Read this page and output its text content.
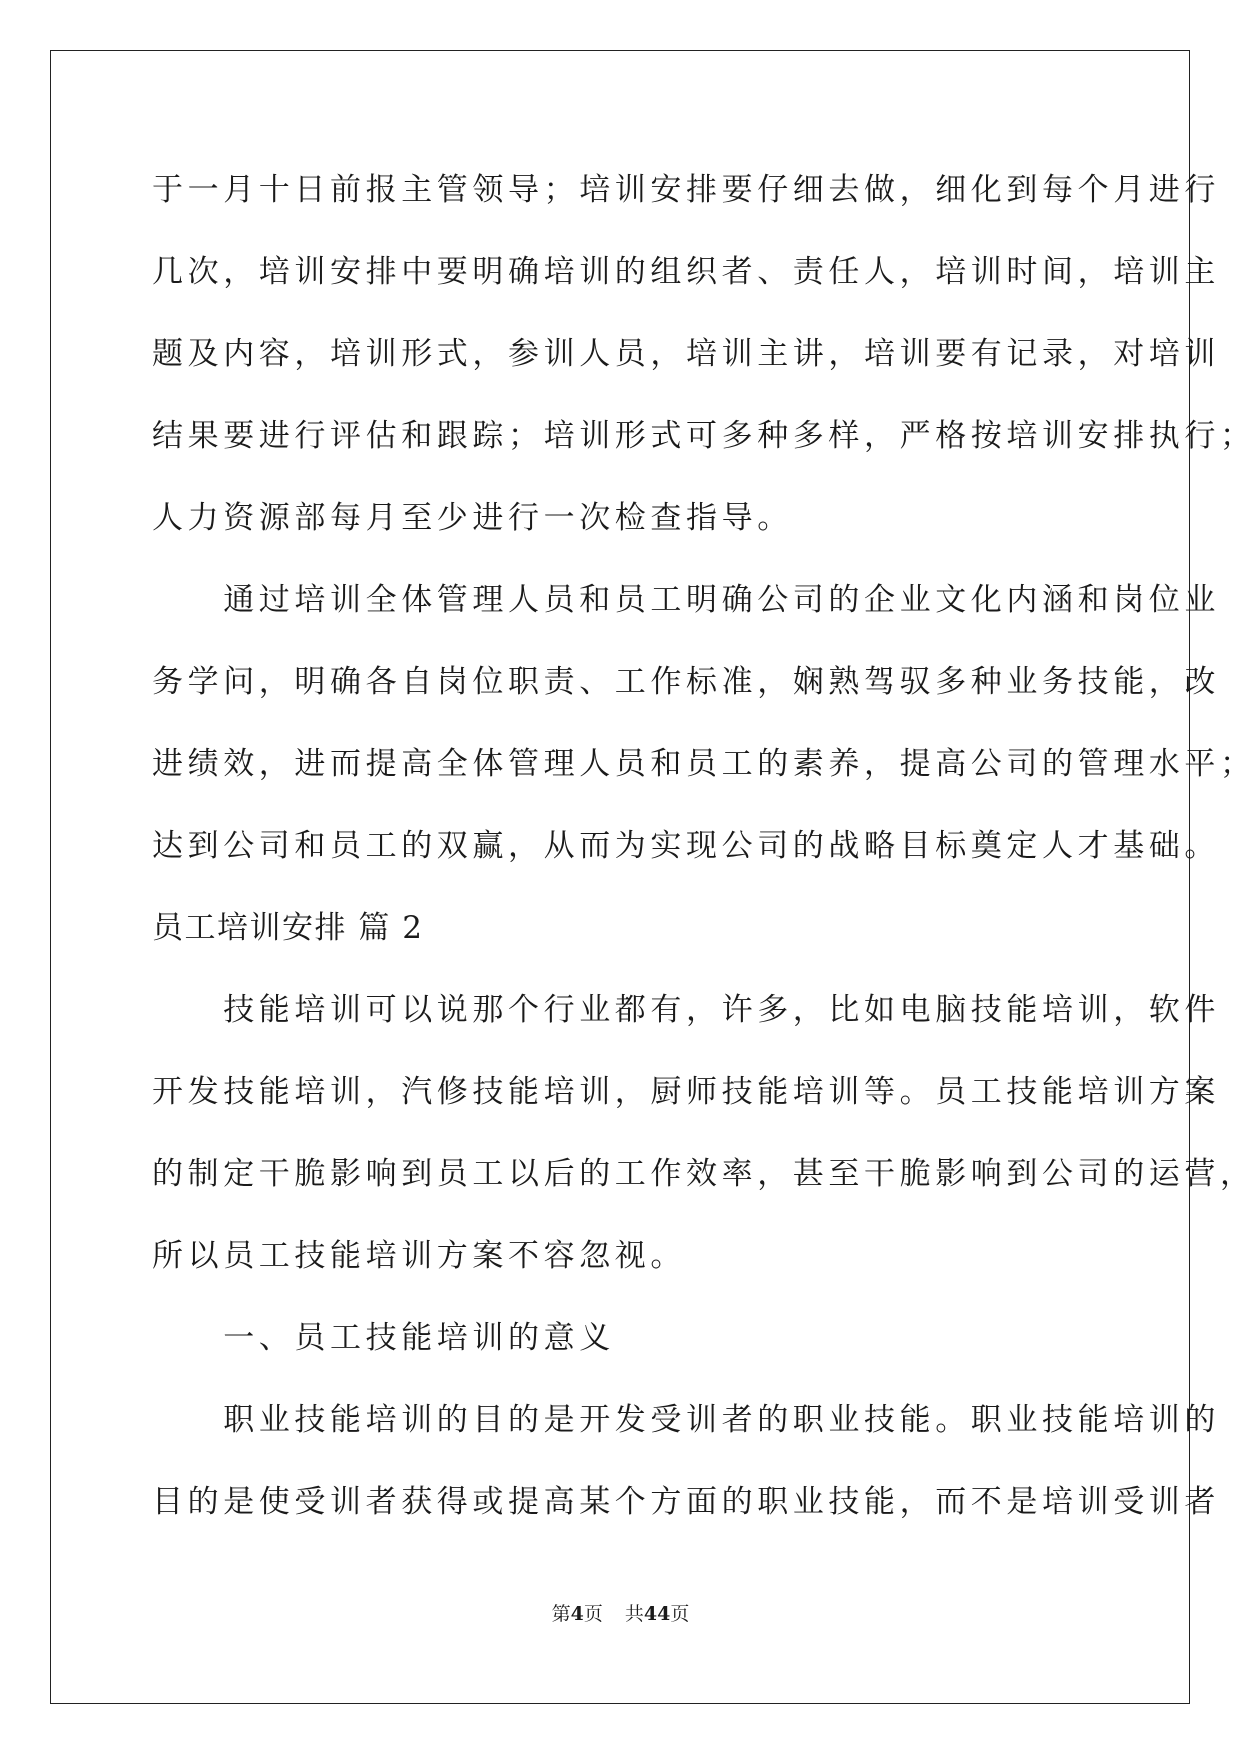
于一月十日前报主管领导；培训安排要仔细去做，细化到每个月进行
几次，培训安排中要明确培训的组织者、责任人，培训时间，培训主
题及内容，培训形式，参训人员，培训主讲，培训要有记录，对培训
结果要进行评估和跟踪；培训形式可多种多样，严格按培训安排执行；
人力资源部每月至少进行一次检查指导。
　　通过培训全体管理人员和员工明确公司的企业文化内涵和岗位业
务学问，明确各自岗位职责、工作标准，娴熟驾驭多种业务技能，改
进绩效，进而提高全体管理人员和员工的素养，提高公司的管理水平；
达到公司和员工的双赢，从而为实现公司的战略目标奠定人才基础。
员工培训安排 篇 2
　　技能培训可以说那个行业都有，许多，比如电脑技能培训，软件
开发技能培训，汽修技能培训，厨师技能培训等。员工技能培训方案
的制定干脆影响到员工以后的工作效率，甚至干脆影响到公司的运营，
所以员工技能培训方案不容忽视。
　　一、员工技能培训的意义
　　职业技能培训的目的是开发受训者的职业技能。职业技能培训的
目的是使受训者获得或提高某个方面的职业技能，而不是培训受训者
第4页 共44页
